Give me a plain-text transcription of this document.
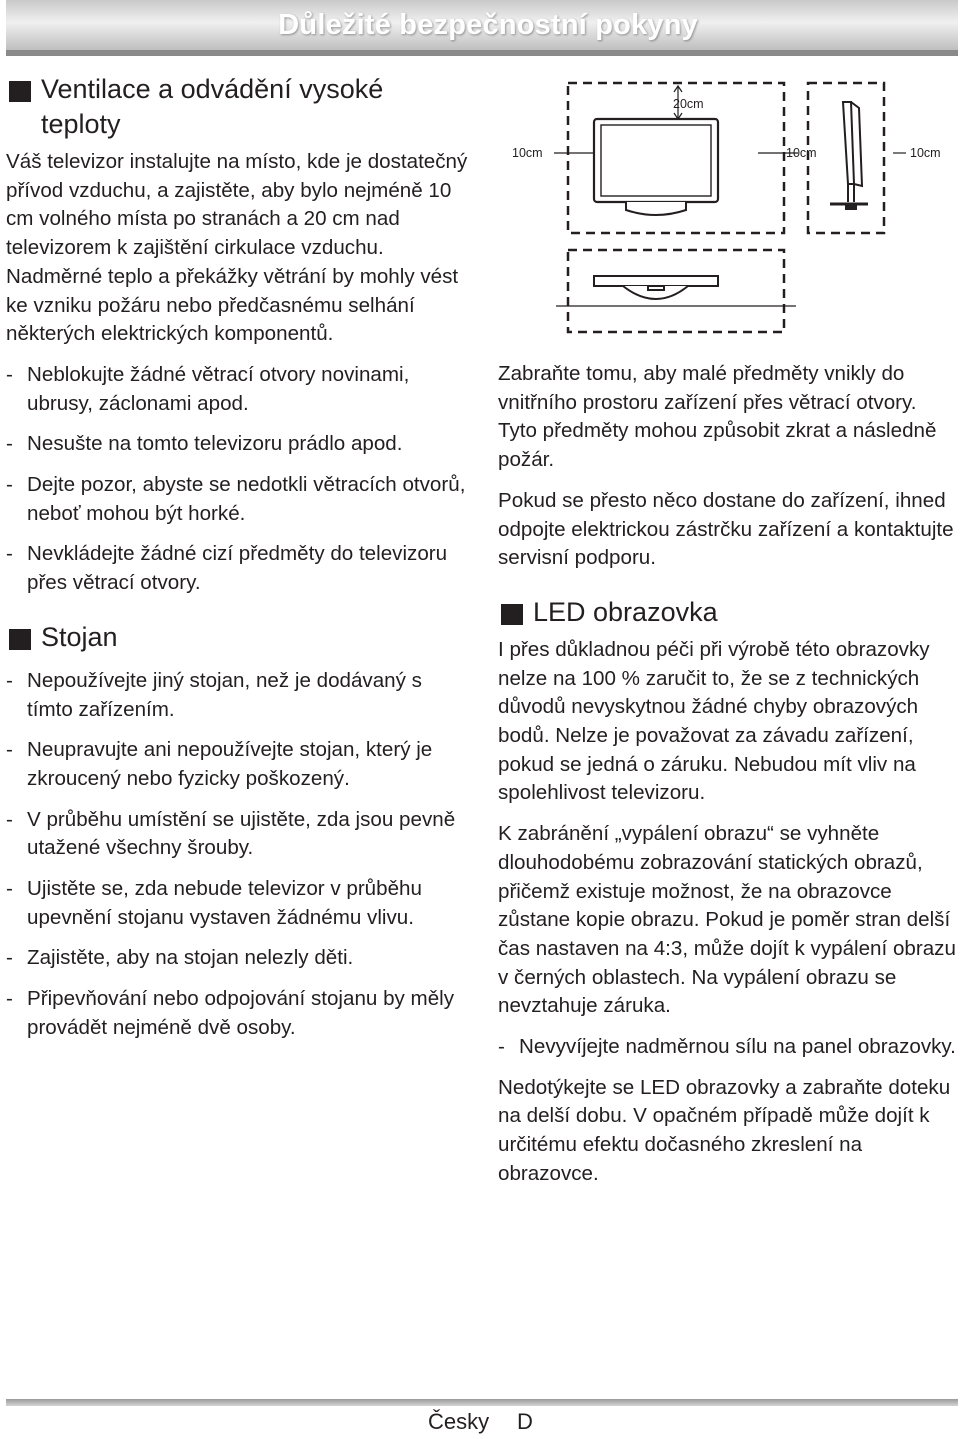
Důležité bezpečnostní pokyny
Ventilace a odvádění vysoké teploty

Váš televizor instalujte na místo, kde je dostatečný přívod vzduchu, a zajistěte, aby bylo nejméně 10 cm volného místa po stranách a 20 cm nad televizorem k zajištění cirkulace vzduchu. Nadměrné teplo a překážky větrání by mohly vést ke vzniku požáru nebo předčasnému selhání některých elektrických komponentů.

- Neblokujte žádné větrací otvory novinami, ubrusy, záclonami apod.
- Nesušte na tomto televizoru prádlo apod.
- Dejte pozor, abyste se nedotkli větracích otvorů, neboť mohou být horké.
- Nevkládejte žádné cizí předměty do televizoru přes větrací otvory.
Stojan
- Nepoužívejte jiný stojan, než je dodávaný s tímto zařízením.
- Neupravujte ani nepoužívejte stojan, který je zkroucený nebo fyzicky poškozený.
- V průběhu umístění se ujistěte, zda jsou pevně utažené všechny šrouby.
- Ujistěte se, zda nebude televizor v průběhu upevnění stojanu vystaven žádnému vlivu.
- Zajistěte, aby na stojan nelezly děti.
- Připevňování nebo odpojování stojanu by měly provádět nejméně dvě osoby.
20cm
10cm	10cm	10cm

Zabraňte tomu, aby malé předměty vnikly do vnitřního prostoru zařízení přes větrací otvory. Tyto předměty mohou způsobit zkrat a následně požár.

Pokud se přesto něco dostane do zařízení, ihned odpojte elektrickou zástrčku zařízení a kontaktujte servisní podporu.

LED obrazovka

I přes důkladnou péči při výrobě této obrazovky nelze na 100 % zaručit to, že se z technických důvodů nevyskytnou žádné chyby obrazových bodů. Nelze je považovat za závadu zařízení, pokud se jedná o záruku. Nebudou mít vliv na spolehlivost televizoru.

K zabránění „vypálení obrazu“ se vyhněte dlouhodobému zobrazování statických obrazů, přičemž existuje možnost, že na obrazovce zůstane kopie obrazu. Pokud je poměr stran delší čas nastaven na 4:3, může dojít k vypálení obrazu v černých oblastech. Na vypálení obrazu se nevztahuje záruka.

- Nevyvíjejte nadměrnou sílu na panel obrazovky.

Nedotýkejte se LED obrazovky a zabraňte doteku na delší dobu. V opačném případě může dojít k určitému efektu dočasného zkreslení na obrazovce.

Česky D
